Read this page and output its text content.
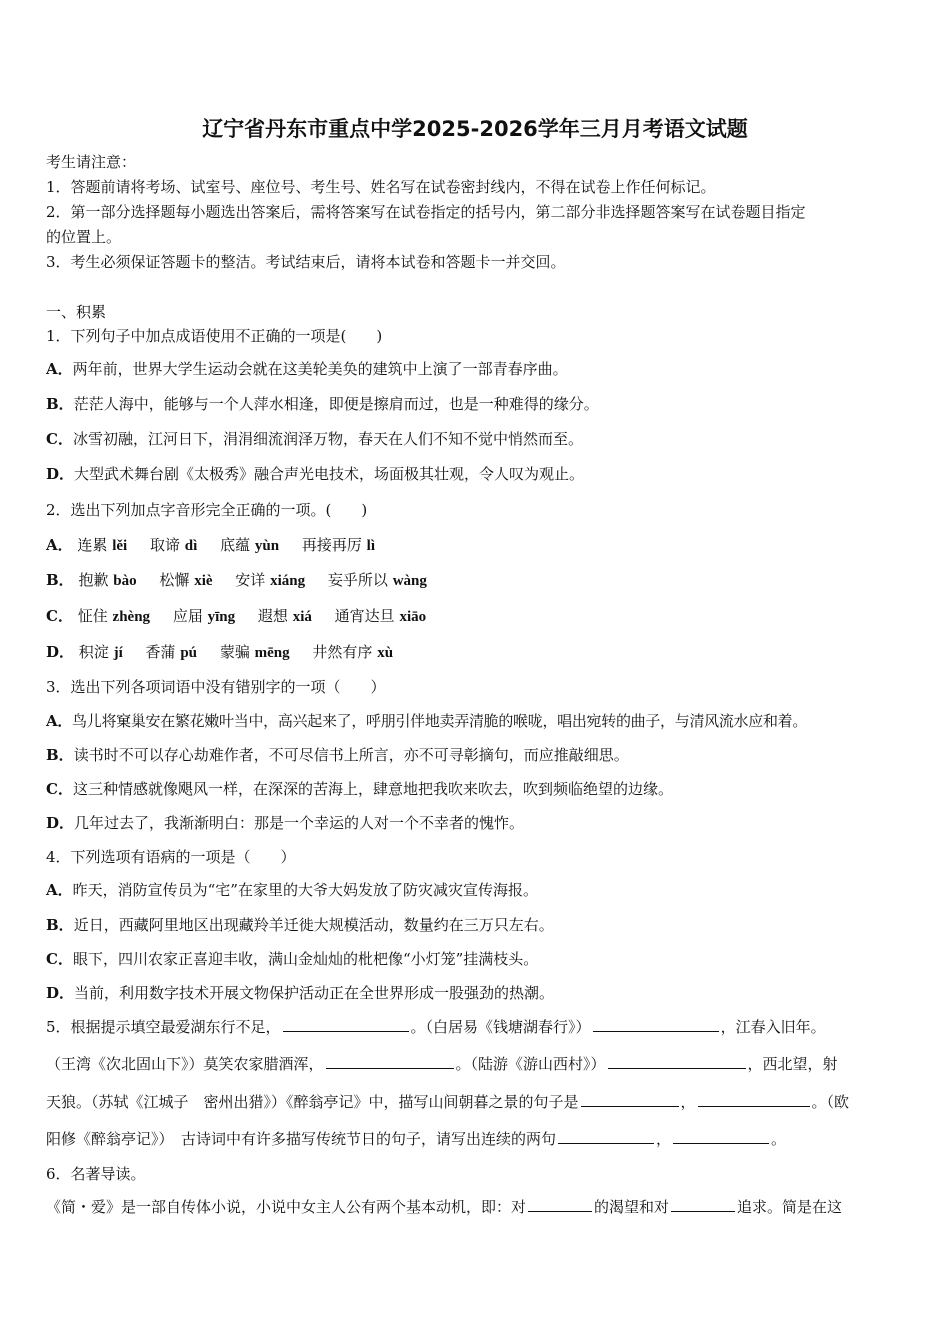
辽宁省丹东市重点中学2025-2026学年三月月考语文试题
考生请注意：
1．答题前请将考场、试室号、座位号、考生号、姓名写在试卷密封线内，不得在试卷上作任何标记。
2．第一部分选择题每小题选出答案后，需将答案写在试卷指定的括号内，第二部分非选择题答案写在试卷题目指定
的位置上。
3．考生必须保证答题卡的整洁。考试结束后，请将本试卷和答题卡一并交回。
一、积累
1．下列句子中加点成语使用不正确的一项是(　　)
A．两年前，世界大学生运动会就在这美轮美奂的建筑中上演了一部青春序曲。
B．茫茫人海中，能够与一个人萍水相逢，即便是擦肩而过，也是一种难得的缘分。
C．冰雪初融，江河日下，涓涓细流润泽万物，春天在人们不知不觉中悄然而至。
D．大型武术舞台剧《太极秀》融合声光电技术，场面极其壮观，令人叹为观止。
2．选出下列加点字音形完全正确的一项。(　　)
A． 连累 lěi 取谛 dì 底蕴 yùn 再接再厉 lì
B． 抱歉 bào 松懈 xiè 安详 xiáng 妄乎所以 wàng
C． 怔住 zhèng 应届 yīng 遐想 xiá 通宵达旦 xiāo
D． 积淀 jí 香蒲 pú 蒙骗 mēng 井然有序 xù
3．选出下列各项词语中没有错别字的一项（　　）
A．鸟儿将窠巢安在繁花嫩叶当中，高兴起来了，呼朋引伴地卖弄清脆的喉咙，唱出宛转的曲子，与清风流水应和着。
B．读书时不可以存心劫难作者，不可尽信书上所言，亦不可寻彰摘句，而应推敲细思。
C．这三种情感就像飓风一样，在深深的苦海上，肆意地把我吹来吹去，吹到频临绝望的边缘。
D．几年过去了，我渐渐明白：那是一个幸运的人对一个不幸者的愧怍。
4．下列选项有语病的一项是（　　）
A．昨天，消防宣传员为“宅”在家里的大爷大妈发放了防灾减灾宣传海报。
B．近日，西藏阿里地区出现藏羚羊迁徙大规模活动，数量约在三万只左右。
C．眼下，四川农家正喜迎丰收，满山金灿灿的枇杷像“小灯笼”挂满枝头。
D．当前，利用数字技术开展文物保护活动正在全世界形成一股强劲的热潮。
5．根据提示填空最爱湖东行不足，	。（白居易《钱塘湖春行》）	，江春入旧年。
（王湾《次北固山下》）莫笑农家腊酒浑，	。（陆游《游山西村》）	，西北望，射
天狼。（苏轼《江城子　密州出猎》）《醉翁亭记》中，描写山间朝暮之景的句子是	，	。（欧
阳修《醉翁亭记》）　古诗词中有许多描写传统节日的句子，请写出连续的两句	，	。
6．名著导读。
《简・爱》是一部自传体小说，小说中女主人公有两个基本动机，即：对	的渴望和对	追求。简是在这
